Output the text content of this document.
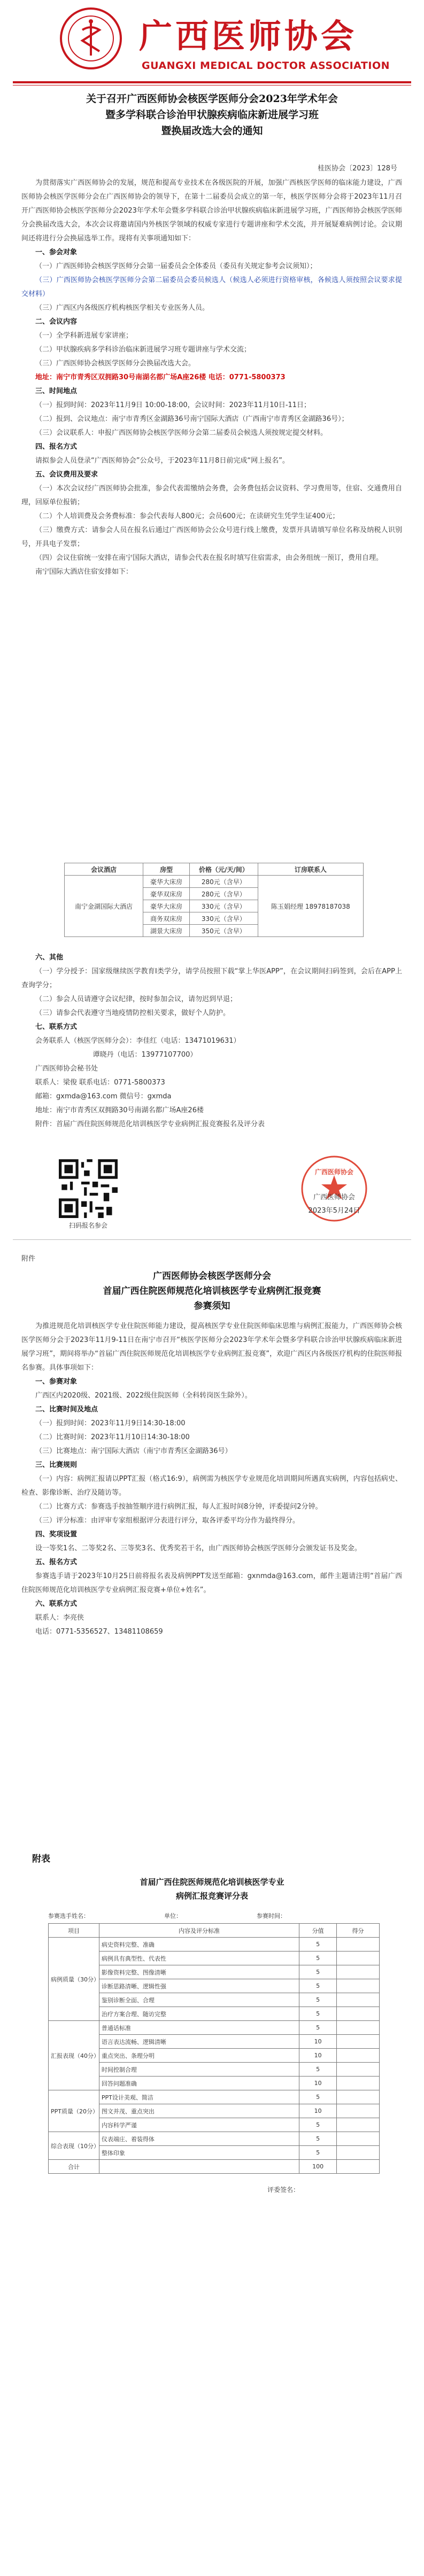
广西医师协会
GUANGXI MEDICAL DOCTOR ASSOCIATION
关于召开广西医师协会核医学医师分会2023年学术年会
暨多学科联合诊治甲状腺疾病临床新进展学习班
暨换届改选大会的通知
桂医协会〔2023〕128号

为贯彻落实广西医师协会的发展，规范和提高专业技术在各级医院的开展，加强广西核医学医师的临床能力建设，广西医师协会核医学医师分会在广西医师协会的领导下，在第十二届委员会成立的第一年，核医学医师分会将于2023年11月召开广西医师协会核医学医师分会2023年学术年会暨多学科联合诊治甲状腺疾病临床新进展学习班，广西医师协会核医学医师分会换届改选大会，本次会议将邀请国内外核医学领域的权威专家进行专题讲座和学术交流，并开展疑难病例讨论。会议期间还将进行分会换届选举工作。现将有关事项通知如下：

一、参会对象

（一）广西医师协会核医学医师分会第一届委员会全体委员（委员有关规定参考会议须知）；

（三）广西医师协会核医学医师分会第二届委员会委员候选人（候选人必须进行资格审核，各候选人须按照会议要求提交材料）

（三）广西区内各级医疗机构核医学相关专业医务人员。

二、会议内容

（一）全学科新进展专家讲座；

（二）甲状腺疾病多学科诊治临床新进展学习班专题讲座与学术交流；

（三）广西医师协会核医学医师分会换届改选大会。

地址：南宁市青秀区双拥路30号南湖名都广场A座26楼 电话：0771-5800373

三、时间地点

（一）报到时间：2023年11月9日 10:00-18:00，会议时间：2023年11月10日-11日；

（二）报到、会议地点：南宁市青秀区金湖路36号南宁国际大酒店（广西南宁市青秀区金湖路36号）；

（三）会议联系人：申报广西医师协会核医学医师分会第二届委员会候选人须按规定提交材料。

四、报名方式

请拟参会人员登录“广西医师协会”公众号，于2023年11月8日前完成“网上报名”。

五、会议费用及要求

（一）本次会议经广西医师协会批准，参会代表需缴纳会务费，会务费包括会议资料、学习费用等，住宿、交通费用自理，回原单位报销；

（二）个人培训费及会务费标准：参会代表每人800元；会员600元；在读研究生凭学生证400元；

（三）缴费方式：请参会人员在报名后通过广西医师协会公众号进行线上缴费，发票开具请填写单位名称及纳税人识别号，开具电子发票；

（四）会议住宿统一安排在南宁国际大酒店，请参会代表在报名时填写住宿需求，由会务组统一预订，费用自理。

南宁国际大酒店住宿安排如下：

会议酒店	房型	价格（元/天/间）	订房联系人
南宁金湖国际大酒店	豪华大床房	280元（含早）	陈玉娟经理 18978187038
	豪华双床房	280元（含早）	
	豪华大床房	330元（含早）	
	商务双床房	330元（含早）	
	湖景大床房	350元（含早）	

六、其他

（一）学分授予：国家级继续医学教育Ⅰ类学分，请学员按照下载“掌上华医APP”，在会议期间扫码签到，会后在APP上查询学分；

（二）参会人员请遵守会议纪律，按时参加会议，请勿迟到早退；

（三）请参会代表遵守当地疫情防控相关要求，做好个人防护。

七、联系方式

会务联系人（核医学医师分会）：李佳红（电话：13471019631）

谭晓丹（电话：13977107700）

广西医师协会秘书处

联系人：梁俊 联系电话：0771-5800373

邮箱：gxmda@163.com 微信号：gxmda

地址：南宁市青秀区双拥路30号南湖名都广场A座26楼

附件：首届广西住院医师规范化培训核医学专业病例汇报竞赛报名及评分表

扫码报名参会
广西医师协会
广西医师协会
2023年5月24日
附件
广西医师协会核医学医师分会
首届广西住院医师规范化培训核医学专业病例汇报竞赛
参赛须知

为推进规范化培训核医学专业住院医师能力建设，提高核医学专业住院医师临床思维与病例汇报能力，广西医师协会核医学医师分会于2023年11月9-11日在南宁市召开“核医学医师分会2023年学术年会暨多学科联合诊治甲状腺疾病临床新进展学习班”，期间将举办“首届广西住院医师规范化培训核医学专业病例汇报竞赛”，欢迎广西区内各级医疗机构的住院医师报名参赛。具体事项如下：

一、参赛对象

广西区内2020级、2021级、2022级住院医师（全科转岗医生除外）。

二、比赛时间及地点

（一）报到时间：2023年11月9日14:30-18:00

（二）比赛时间：2023年11月10日14:30-18:00

（三）比赛地点：南宁国际大酒店（南宁市青秀区金湖路36号）

三、比赛规则

（一）内容：病例汇报请以PPT汇报（格式16:9），病例需为核医学专业规范化培训期间所遇真实病例，内容包括病史、检查、影像诊断、治疗及随访等。

（二）比赛方式：参赛选手按抽签顺序进行病例汇报，每人汇报时间8分钟，评委提问2分钟。

（三）评分标准：由评审专家组根据评分表进行评分，取各评委平均分作为最终得分。

四、奖项设置

设一等奖1名、二等奖2名、三等奖3名、优秀奖若干名，由广西医师协会核医学医师分会颁发证书及奖金。

五、报名方式

参赛选手请于2023年10月25日前将报名表及病例PPT发送至邮箱：gxnmda@163.com，邮件主题请注明“首届广西住院医师规范化培训核医学专业病例汇报竞赛+单位+姓名”。

六、联系方式

联系人：李亮侠

电话：0771-5356527、13481108659

附表
首届广西住院医师规范化培训核医学专业
病例汇报竞赛评分表
参赛选手姓名：	单位：	参赛时间：
项目	内容及评分标准	分值	得分
病例质量（30分）	病史资料完整、准确	5	
	病例具有典型性、代表性	5	
	影像资料完整、图像清晰	5	
	诊断思路清晰、逻辑性强	5	
	鉴别诊断全面、合理	5	
	治疗方案合理、随访完整	5	
汇报表现（40分）	普通话标准	5	
	语言表达流畅、逻辑清晰	10	
	重点突出、条理分明	10	
	时间控制合理	5	
	回答问题准确	10	
PPT质量（20分）	PPT设计美观、简洁	5	
	图文并茂、重点突出	10	
	内容科学严谨	5	
综合表现（10分）	仪表端庄、着装得体	5	
	整体印象	5	
合计		100	
评委签名：
